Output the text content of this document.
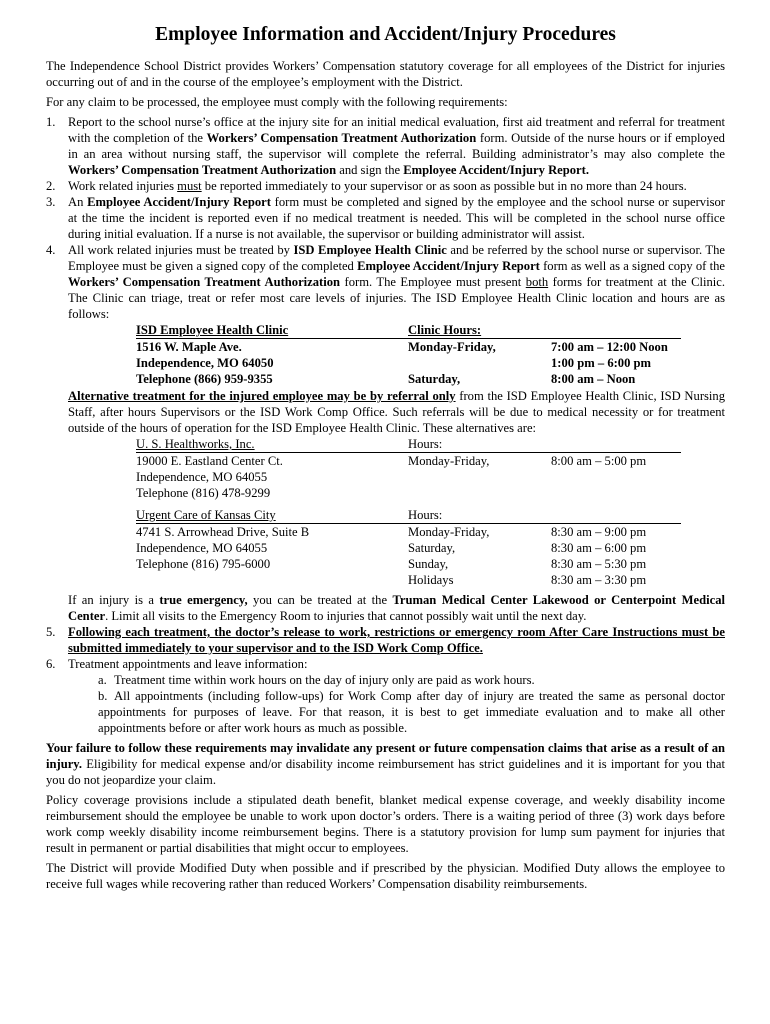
Employee Information and Accident/Injury Procedures

The Independence School District provides Workers’ Compensation statutory coverage for all employees of the District for injuries occurring out of and in the course of the employee’s employment with the District.

For any claim to be processed, the employee must comply with the following requirements:

1. Report to the school nurse’s office at the injury site for an initial medical evaluation, first aid treatment and referral for treatment with the completion of the Workers’ Compensation Treatment Authorization form. Outside of the nurse hours or if employed in an area without nursing staff, the supervisor will complete the referral. Building administrator’s may also complete the Workers’ Compensation Treatment Authorization and sign the Employee Accident/Injury Report.
2. Work related injuries must be reported immediately to your supervisor or as soon as possible but in no more than 24 hours.
3. An Employee Accident/Injury Report form must be completed and signed by the employee and the school nurse or supervisor at the time the incident is reported even if no medical treatment is needed. This will be completed in the school nurse office during initial evaluation. If a nurse is not available, the supervisor or building administrator will assist.
4. All work related injuries must be treated by ISD Employee Health Clinic and be referred by the school nurse or supervisor. The Employee must be given a signed copy of the completed Employee Accident/Injury Report form as well as a signed copy of the Workers’ Compensation Treatment Authorization form. The Employee must present both forms for treatment at the Clinic. The Clinic can triage, treat or refer most care levels of injuries. The ISD Employee Health Clinic location and hours are as follows:
ISD Employee Health Clinic	Clinic Hours:	
1516 W. Maple Ave.	Monday-Friday,	7:00 am – 12:00 Noon
Independence, MO 64050		1:00 pm – 6:00 pm
Telephone (866) 959-9355	Saturday,	8:00 am – Noon

Alternative treatment for the injured employee may be by referral only from the ISD Employee Health Clinic, ISD Nursing Staff, after hours Supervisors or the ISD Work Comp Office. Such referrals will be due to medical necessity or for treatment outside of the hours of operation for the ISD Employee Health Clinic. These alternatives are:

U. S. Healthworks, Inc.	Hours:	
19000 E. Eastland Center Ct.	Monday-Friday,	8:00 am – 5:00 pm
Independence, MO 64055		
Telephone (816) 478-9299		
Urgent Care of Kansas City	Hours:	
4741 S. Arrowhead Drive, Suite B	Monday-Friday,	8:30 am – 9:00 pm
Independence, MO 64055	Saturday,	8:30 am – 6:00 pm
Telephone (816) 795-6000	Sunday,	8:30 am – 5:30 pm
	Holidays	8:30 am – 3:30 pm

If an injury is a true emergency, you can be treated at the Truman Medical Center Lakewood or Centerpoint Medical Center. Limit all visits to the Emergency Room to injuries that cannot possibly wait until the next day.

5. Following each treatment, the doctor’s release to work, restrictions or emergency room After Care Instructions must be submitted immediately to your supervisor and to the ISD Work Comp Office.
6. Treatment appointments and leave information:
a. Treatment time within work hours on the day of injury only are paid as work hours.
b. All appointments (including follow-ups) for Work Comp after day of injury are treated the same as personal doctor appointments for purposes of leave. For that reason, it is best to get immediate evaluation and to make all other appointments before or after work hours as much as possible.

Your failure to follow these requirements may invalidate any present or future compensation claims that arise as a result of an injury. Eligibility for medical expense and/or disability income reimbursement has strict guidelines and it is important for you that you do not jeopardize your claim.

Policy coverage provisions include a stipulated death benefit, blanket medical expense coverage, and weekly disability income reimbursement should the employee be unable to work upon doctor’s orders. There is a waiting period of three (3) work days before work comp weekly disability income reimbursement begins. There is a statutory provision for lump sum payment for injuries that result in permanent or partial disabilities that might occur to employees.

The District will provide Modified Duty when possible and if prescribed by the physician. Modified Duty allows the employee to receive full wages while recovering rather than reduced Workers’ Compensation disability reimbursements.
